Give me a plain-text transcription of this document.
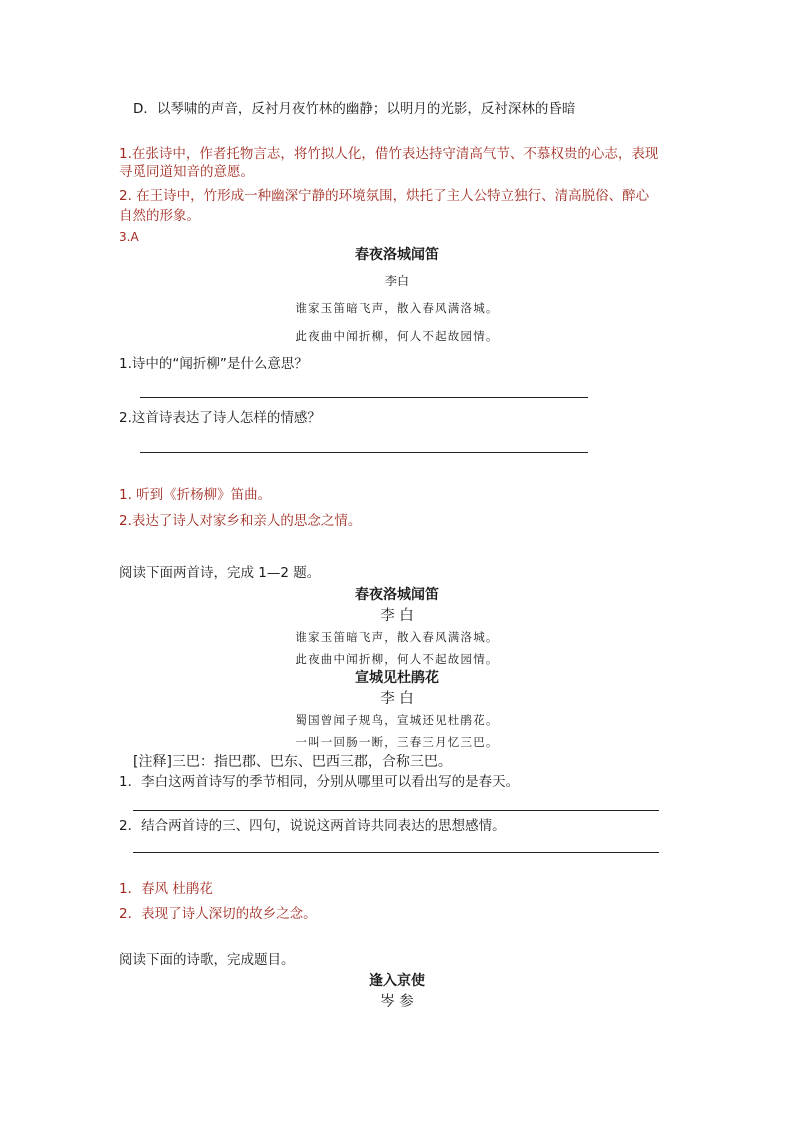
D．以琴啸的声音，反衬月夜竹林的幽静；以明月的光影，反衬深林的昏暗
1.在张诗中，作者托物言志，将竹拟人化，借竹表达持守清高气节、不慕权贵的心志，表现
寻觅同道知音的意愿。
2. 在王诗中，竹形成一种幽深宁静的环境氛围，烘托了主人公特立独行、清高脱俗、醉心
自然的形象。
3.A
春夜洛城闻笛
李白
谁家玉笛暗飞声，散入春风满洛城。
此夜曲中闻折柳，何人不起故园情。
1.诗中的“闻折柳”是什么意思？
2.这首诗表达了诗人怎样的情感？
1. 听到《折杨柳》笛曲。
2.表达了诗人对家乡和亲人的思念之情。
阅读下面两首诗，完成 1—2 题。
春夜洛城闻笛
李 白
谁家玉笛暗飞声，散入春风满洛城。
此夜曲中闻折柳，何人不起故园情。
宣城见杜鹃花
李 白
蜀国曾闻子规鸟，宣城还见杜鹃花。
一叫一回肠一断，三春三月忆三巴。
[注释]三巴：指巴郡、巴东、巴西三郡，合称三巴。
1．李白这两首诗写的季节相同，分别从哪里可以看出写的是春天。
2．结合两首诗的三、四句，说说这两首诗共同表达的思想感情。
1．春风 杜鹃花
2．表现了诗人深切的故乡之念。
阅读下面的诗歌，完成题目。
逢入京使
岑 参
